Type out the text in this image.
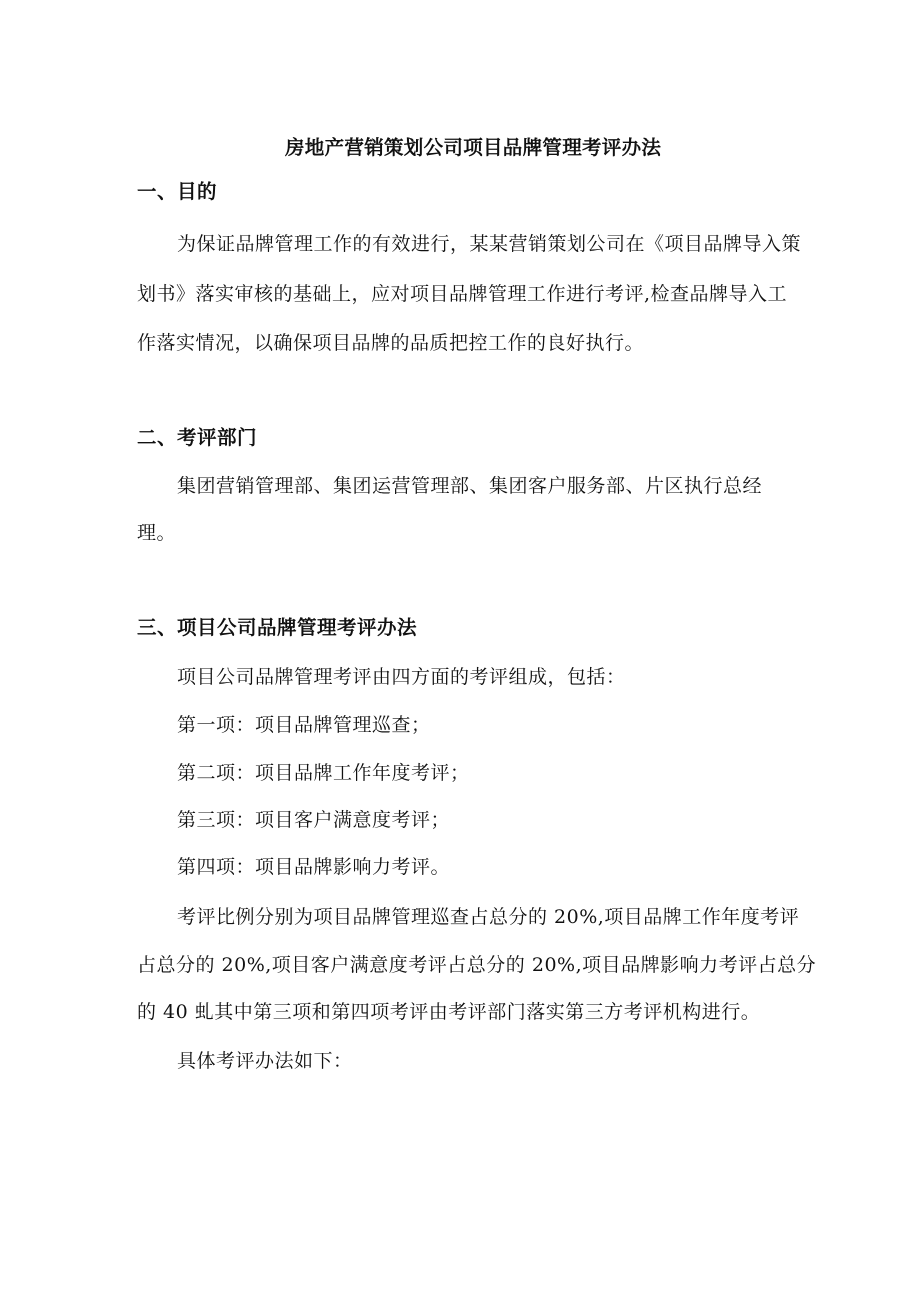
房地产营销策划公司项目品牌管理考评办法
一、目的
为保证品牌管理工作的有效进行，某某营销策划公司在《项目品牌导入策
划书》落实审核的基础上，应对项目品牌管理工作进行考评,检查品牌导入工
作落实情况，以确保项目品牌的品质把控工作的良好执行。
二、考评部门
集团营销管理部、集团运营管理部、集团客户服务部、片区执行总经
理。
三、项目公司品牌管理考评办法
项目公司品牌管理考评由四方面的考评组成，包括：
第一项：项目品牌管理巡查；
第二项：项目品牌工作年度考评；
第三项：项目客户满意度考评；
第四项：项目品牌影响力考评。
考评比例分别为项目品牌管理巡查占总分的 20%,项目品牌工作年度考评
占总分的 20%,项目客户满意度考评占总分的 20%,项目品牌影响力考评占总分
的 40 虬其中第三项和第四项考评由考评部门落实第三方考评机构进行。
具体考评办法如下：
